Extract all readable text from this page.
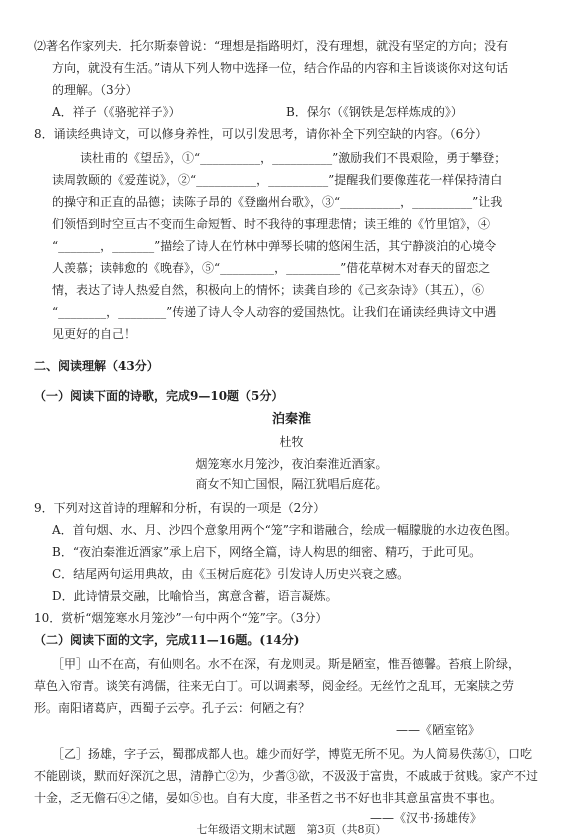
⑵著名作家列夫．托尔斯泰曾说：“理想是指路明灯，没有理想，就没有坚定的方向；没有
方向，就没有生活。”请从下列人物中选择一位，结合作品的内容和主旨谈谈你对这句话
的理解。（3分）
A．祥子（《骆驼祥子》）	B．保尔（《钢铁是怎样炼成的》）
8．诵读经典诗文，可以修身养性，可以引发思考，请你补全下列空缺的内容。（6分）
读杜甫的《望岳》，①“__________，__________”激励我们不畏艰险，勇于攀登；
读周敦颐的《爱莲说》，②“__________，__________”提醒我们要像莲花一样保持清白
的操守和正直的品德；读陈子昂的《登幽州台歌》，③“__________，__________”让我
们领悟到时空亘古不变而生命短暂、时不我待的事理悲情；读王维的《竹里馆》，④
“_______，_______”描绘了诗人在竹林中弹琴长啸的悠闲生活，其宁静淡泊的心境令
人羡慕；读韩愈的《晚春》，⑤“_________，_________”借花草树木对春天的留恋之
情，表达了诗人热爱自然，积极向上的情怀；读龚自珍的《己亥杂诗》（其五），⑥
“________，________”传递了诗人令人动容的爱国热忱。让我们在诵读经典诗文中遇
见更好的自己！
二、阅读理解（43分）
（一）阅读下面的诗歌，完成9—10题（5分）
泊秦淮
杜牧
烟笼寒水月笼沙，夜泊秦淮近酒家。
商女不知亡国恨，隔江犹唱后庭花。
9．下列对这首诗的理解和分析，有误的一项是（2分）
A．首句烟、水、月、沙四个意象用两个“笼”字和谐融合，绘成一幅朦胧的水边夜色图。
B．“夜泊秦淮近酒家”承上启下，网络全篇，诗人构思的细密、精巧，于此可见。
C．结尾两句运用典故，由《玉树后庭花》引发诗人历史兴衰之感。
D．此诗情景交融，比喻恰当，寓意含蓄，语言凝炼。
10．赏析“烟笼寒水月笼沙”一句中两个“笼”字。（3分）
（二）阅读下面的文字，完成11—16题。(14分)
［甲］山不在高，有仙则名。水不在深，有龙则灵。斯是陋室，惟吾德馨。苔痕上阶绿，
草色入帘青。谈笑有鸿儒，往来无白丁。可以调素琴，阅金经。无丝竹之乱耳，无案牍之劳
形。南阳诸葛庐，西蜀子云亭。孔子云：何陋之有？
——《陋室铭》
［乙］扬雄，字子云，蜀郡成都人也。雄少而好学，博览无所不见。为人简易佚荡①，口吃
不能剧谈，默而好深沉之思，清静亡②为，少耆③欲，不汲汲于富贵，不戚戚于贫贱。家产不过
十金，乏无儋石④之储，晏如⑤也。自有大度，非圣哲之书不好也非其意虽富贵不事也。
——《汉书·扬雄传》
七年级语文期末试题　第3页（共8页）
